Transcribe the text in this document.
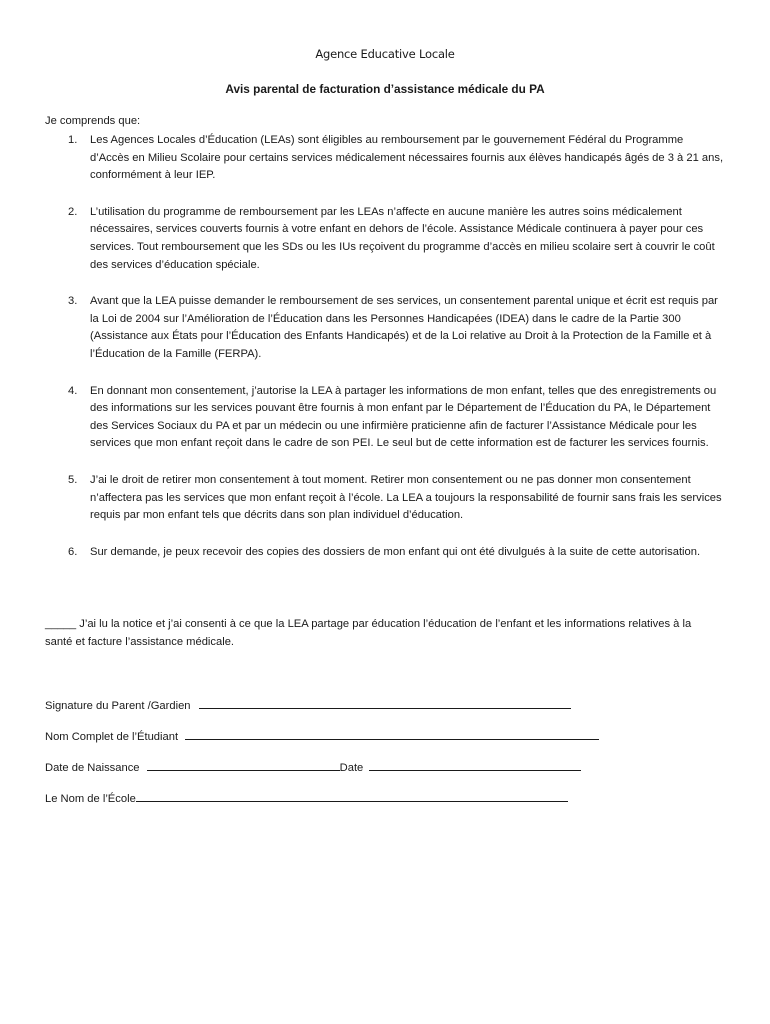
Agence Educative Locale
Avis parental de facturation d’assistance médicale du PA
Je comprends que:
1. Les Agences Locales d’Éducation (LEAs) sont éligibles au remboursement par le gouvernement Fédéral du Programme d’Accès en Milieu Scolaire pour certains services médicalement nécessaires fournis aux élèves handicapés âgés de 3 à 21 ans, conformément à leur IEP.
2. L’utilisation du programme de remboursement par les LEAs n’affecte en aucune manière les autres soins médicalement nécessaires, services couverts fournis à votre enfant en dehors de l’école. Assistance Médicale continuera à payer pour ces services. Tout remboursement que les SDs ou les IUs reçoivent du programme d’accès en milieu scolaire sert à couvrir le coût des services d’éducation spéciale.
3. Avant que la LEA puisse demander le remboursement de ses services, un consentement parental unique et écrit est requis par la Loi de 2004 sur l’Amélioration de l’Éducation dans les Personnes Handicapées (IDEA) dans le cadre de la Partie 300 (Assistance aux États pour l’Éducation des Enfants Handicapés) et de la Loi relative au Droit à la Protection de la Famille et à l’Éducation de la Famille (FERPA).
4. En donnant mon consentement, j’autorise la LEA à partager les informations de mon enfant, telles que des enregistrements ou des informations sur les services pouvant être fournis à mon enfant par le Département de l’Éducation du PA, le Département des Services Sociaux du PA et par un médecin ou une infirmière praticienne afin de facturer l’Assistance Médicale pour les services que mon enfant reçoit dans le cadre de son PEI. Le seul but de cette information est de facturer les services fournis.
5. J’ai le droit de retirer mon consentement à tout moment. Retirer mon consentement ou ne pas donner mon consentement n’affectera pas les services que mon enfant reçoit à l’école. La LEA a toujours la responsabilité de fournir sans frais les services requis par mon enfant tels que décrits dans son plan individuel d’éducation.
6. Sur demande, je peux recevoir des copies des dossiers de mon enfant qui ont été divulgués à la suite de cette autorisation.
_____ J’ai lu la notice et j’ai consenti à ce que la LEA partage par éducation l’éducation de l’enfant et les informations relatives à la santé et facture l’assistance médicale.
Signature du Parent /Gardien
Nom Complet de l’Étudiant
Date de Naissance	Date
Le Nom de l’École
